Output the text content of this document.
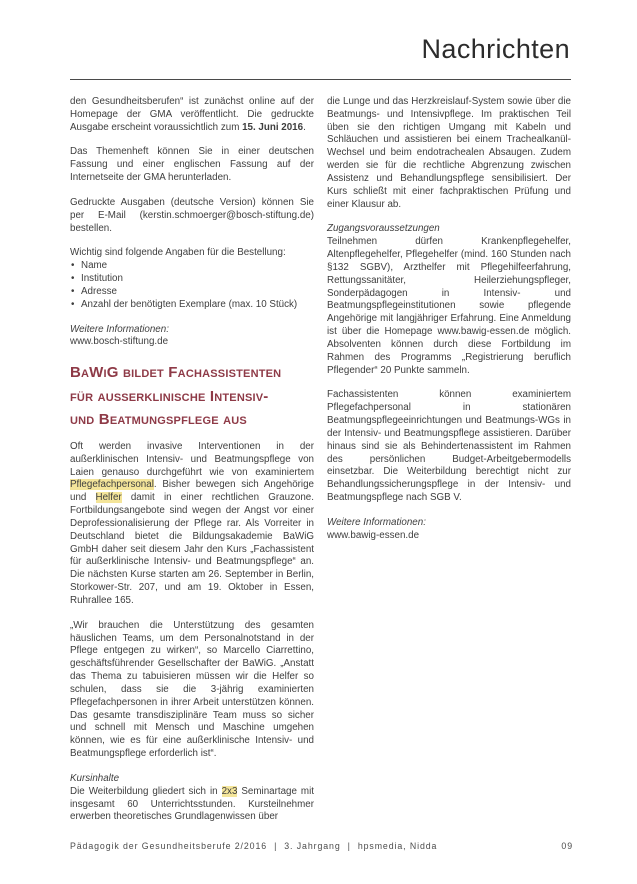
Nachrichten

den Gesundheitsberufen“ ist zunächst online auf der Homepage der GMA veröffentlicht. Die gedruckte Ausgabe erscheint voraussichtlich zum 15. Juni 2016.

Das Themenheft können Sie in einer deutschen Fassung und einer englischen Fassung auf der Internetseite der GMA herunterladen.

Gedruckte Ausgaben (deutsche Version) können Sie per E-Mail (kerstin.schmoerger@bosch-stiftung.de) bestellen.

Wichtig sind folgende Angaben für die Bestellung:

• Name
• Institution
• Adresse
• Anzahl der benötigten Exemplare (max. 10 Stück)

Weitere Informationen:

www.bosch-stiftung.de

BaWiG bildet Fachassistenten
für außerklinische Intensiv-
und Beatmungspflege aus

Oft werden invasive Interventionen in der außerklinischen Intensiv- und Beatmungspflege von Laien genauso durchgeführt wie von examiniertem Pflegefachpersonal. Bisher bewegen sich Angehörige und Helfer damit in einer rechtlichen Grauzone. Fortbildungsangebote sind wegen der Angst vor einer Deprofessionalisierung der Pflege rar. Als Vorreiter in Deutschland bietet die Bildungsakademie BaWiG GmbH daher seit diesem Jahr den Kurs „Fachassistent für außerklinische Intensiv- und Beatmungspflege“ an. Die nächsten Kurse starten am 26. September in Berlin, Storkower-Str. 207, und am 19. Oktober in Essen, Ruhrallee 165.

„Wir brauchen die Unterstützung des gesamten häuslichen Teams, um dem Personalnotstand in der Pflege entgegen zu wirken“, so Marcello Ciarrettino, geschäftsführender Gesellschafter der BaWiG. „Anstatt das Thema zu tabuisieren müssen wir die Helfer so schulen, dass sie die 3-jährig examinierten Pflegefachpersonen in ihrer Arbeit unterstützen können. Das gesamte transdisziplinäre Team muss so sicher und schnell mit Mensch und Maschine umgehen können, wie es für eine außerklinische Intensiv- und Beatmungspflege erforderlich ist“.

Kursinhalte

Die Weiterbildung gliedert sich in 2x3 Seminartage mit insgesamt 60 Unterrichtsstunden. Kursteilnehmer erwerben theoretisches Grundlagenwissen über

die Lunge und das Herzkreislauf-System sowie über die Beatmungs- und Intensivpflege. Im praktischen Teil üben sie den richtigen Umgang mit Kabeln und Schläuchen und assistieren bei einem Trachealkanül-Wechsel und beim endotrachealen Absaugen. Zudem werden sie für die rechtliche Abgrenzung zwischen Assistenz und Behandlungspflege sensibilisiert. Der Kurs schließt mit einer fachpraktischen Prüfung und einer Klausur ab.

Zugangsvoraussetzungen

Teilnehmen dürfen Krankenpflegehelfer, Altenpflegehelfer, Pflegehelfer (mind. 160 Stunden nach §132 SGBV), Arzthelfer mit Pflegehilfeerfahrung, Rettungssanitäter, Heilerziehungspfleger, Sonderpädagogen in Intensiv- und Beatmungspflegeinstitutionen sowie pflegende Angehörige mit langjähriger Erfahrung. Eine Anmeldung ist über die Homepage www.bawig-essen.de möglich. Absolventen können durch diese Fortbildung im Rahmen des Programms „Registrierung beruflich Pflegender“ 20 Punkte sammeln.

Fachassistenten können examiniertem Pflegefachpersonal in stationären Beatmungspflegeeinrichtungen und Beatmungs-WGs in der Intensiv- und Beatmungspflege assistieren. Darüber hinaus sind sie als Behindertenassistent im Rahmen des persönlichen Budget-Arbeitgebermodells einsetzbar. Die Weiterbildung berechtigt nicht zur Behandlungssicherungspflege in der Intensiv- und Beatmungspflege nach SGB V.

Weitere Informationen:

www.bawig-essen.de

Pädagogik der Gesundheitsberufe 2/2016 | 3. Jahrgang | hpsmedia, Nidda	09
